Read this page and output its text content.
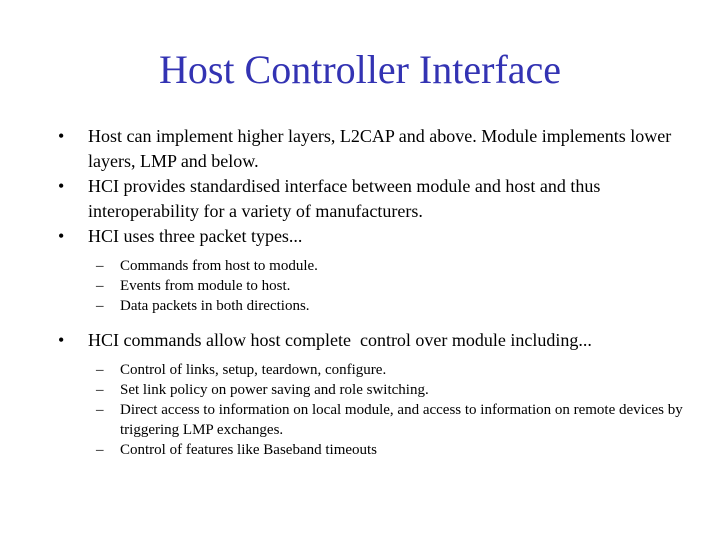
Host Controller Interface
• Host can implement higher layers, L2CAP and above. Module implements lower layers, LMP and below.
• HCI provides standardised interface between module and host and thus interoperability for a variety of manufacturers.
• HCI uses three packet types...
– Commands from host to module.
– Events from module to host.
– Data packets in both directions.
• HCI commands allow host complete  control over module including...
– Control of links, setup, teardown, configure.
– Set link policy on power saving and role switching.
– Direct access to information on local module, and access to information on remote devices by triggering LMP exchanges.
– Control of features like Baseband timeouts
